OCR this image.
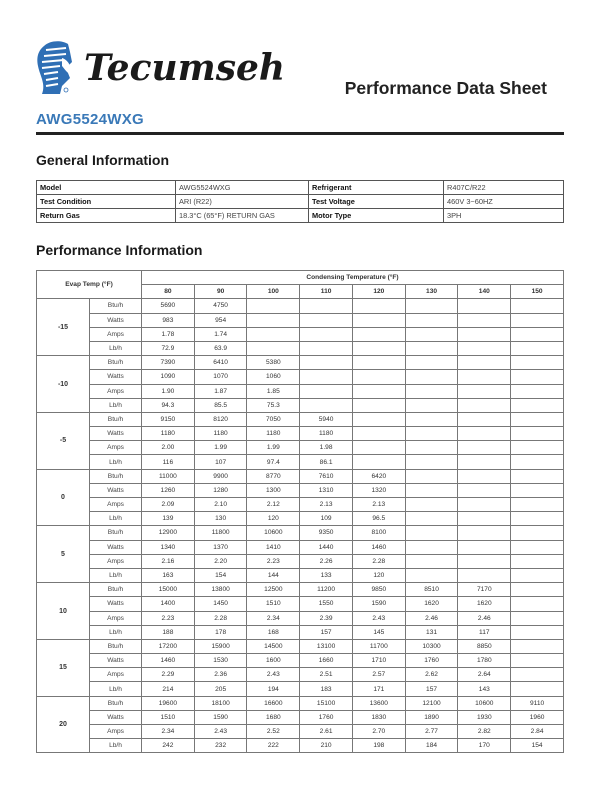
Tecumseh	Performance Data Sheet
AWG5524WXG
General Information
Model	AWG5524WXG	Refrigerant	R407C/R22
Test Condition	ARI (R22)	Test Voltage	460V 3~60HZ
Return Gas	18.3°C (65°F) RETURN GAS	Motor Type	3PH
Performance Information
Evap Temp (°F)		Condensing Temperature (°F)							
		80	90	100	110	120	130	140	150
-15	Btu/h	5690	4750						
	Watts	983	954						
	Amps	1.78	1.74						
	Lb/h	72.9	63.9						
-10	Btu/h	7390	6410	5380					
	Watts	1090	1070	1060					
	Amps	1.90	1.87	1.85					
	Lb/h	94.3	85.5	75.3					
-5	Btu/h	9150	8120	7050	5940				
	Watts	1180	1180	1180	1180				
	Amps	2.00	1.99	1.99	1.98				
	Lb/h	116	107	97.4	86.1				
0	Btu/h	11000	9900	8770	7610	6420			
	Watts	1260	1280	1300	1310	1320			
	Amps	2.09	2.10	2.12	2.13	2.13			
	Lb/h	139	130	120	109	96.5			
5	Btu/h	12900	11800	10600	9350	8100			
	Watts	1340	1370	1410	1440	1460			
	Amps	2.16	2.20	2.23	2.26	2.28			
	Lb/h	163	154	144	133	120			
10	Btu/h	15000	13800	12500	11200	9850	8510	7170	
	Watts	1400	1450	1510	1550	1590	1620	1620	
	Amps	2.23	2.28	2.34	2.39	2.43	2.46	2.46	
	Lb/h	188	178	168	157	145	131	117	
15	Btu/h	17200	15900	14500	13100	11700	10300	8850	
	Watts	1460	1530	1600	1660	1710	1760	1780	
	Amps	2.29	2.36	2.43	2.51	2.57	2.62	2.64	
	Lb/h	214	205	194	183	171	157	143	
20	Btu/h	19600	18100	16600	15100	13600	12100	10600	9110
	Watts	1510	1590	1680	1760	1830	1890	1930	1960
	Amps	2.34	2.43	2.52	2.61	2.70	2.77	2.82	2.84
	Lb/h	242	232	222	210	198	184	170	154
